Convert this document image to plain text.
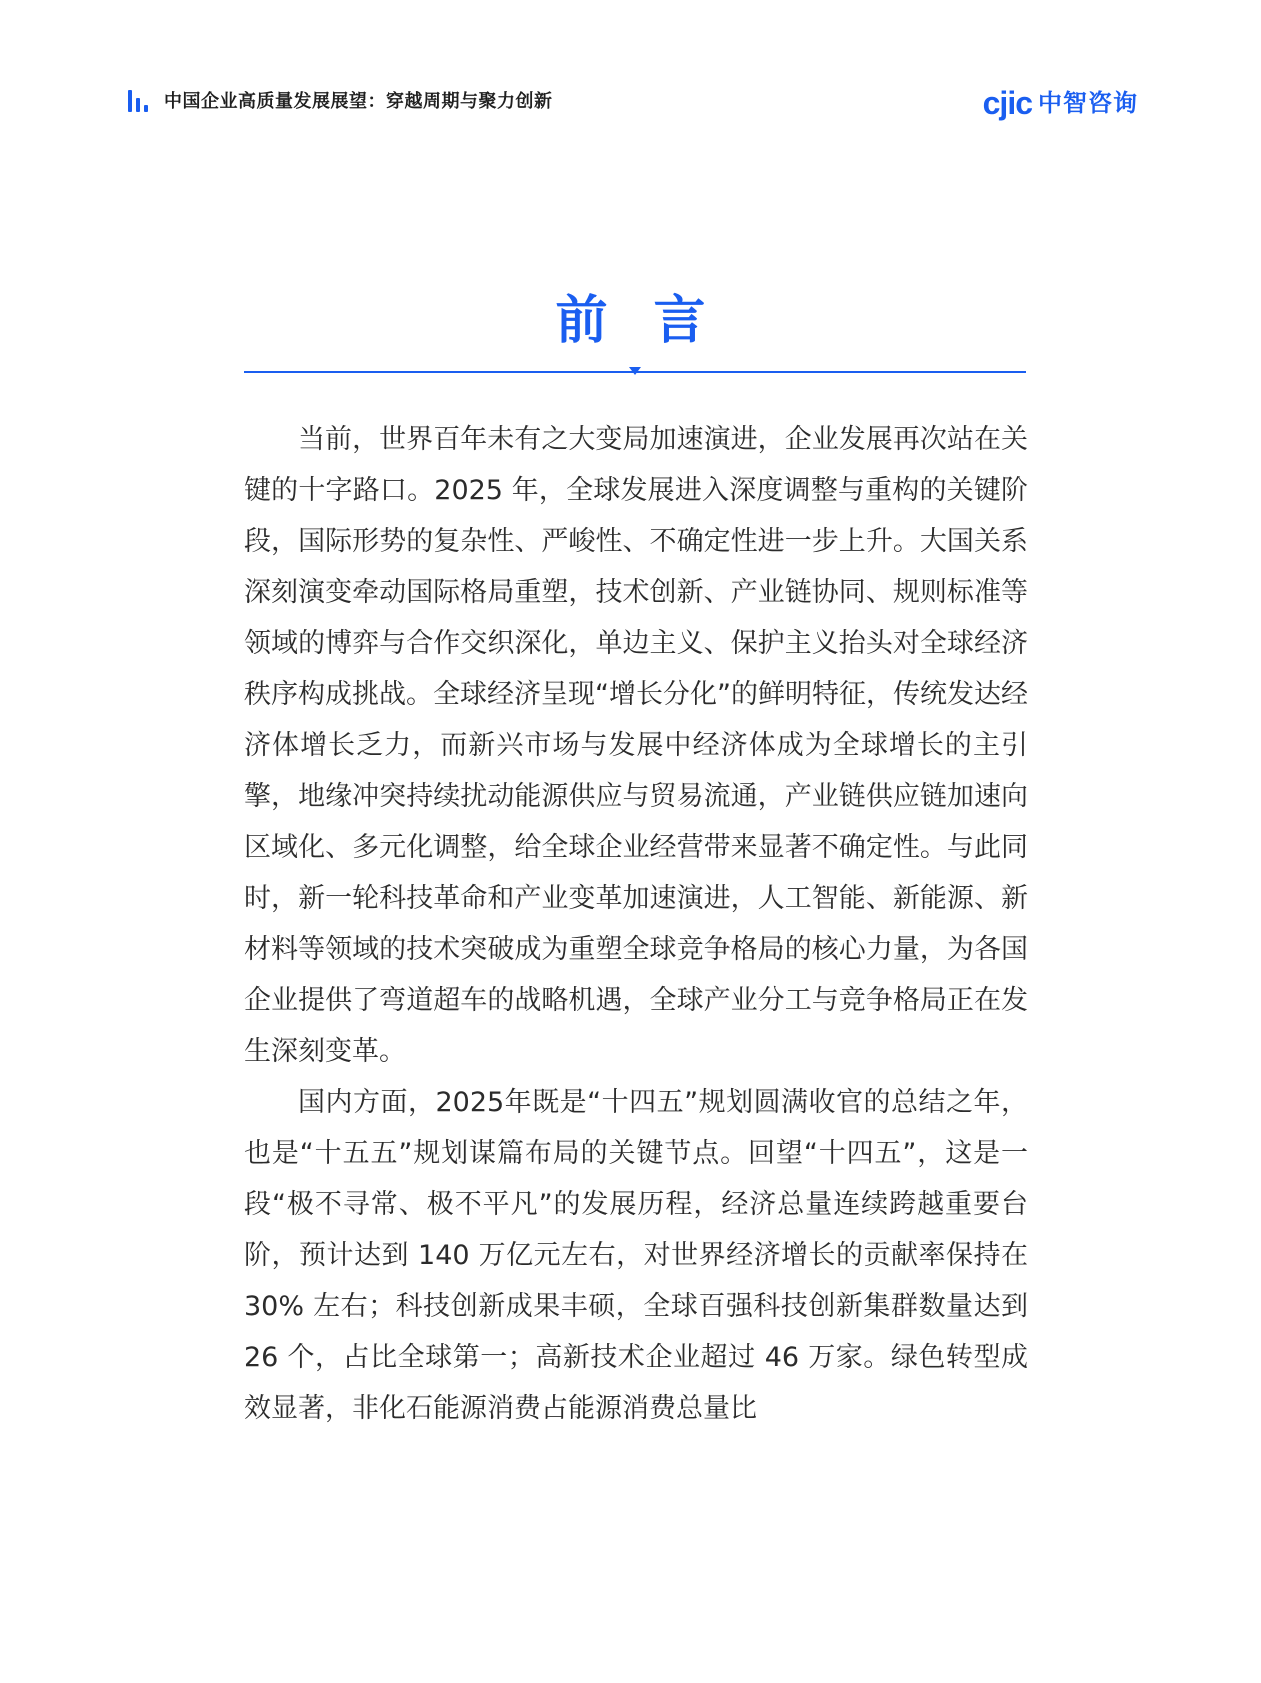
中国企业高质量发展展望：穿越周期与聚力创新	cjic 中智咨询
前言

当前，世界百年未有之大变局加速演进，企业发展再次站在关键的十字路口。2025 年，全球发展进入深度调整与重构的关键阶段，国际形势的复杂性、严峻性、不确定性进一步上升。大国关系深刻演变牵动国际格局重塑，技术创新、产业链协同、规则标准等领域的博弈与合作交织深化，单边主义、保护主义抬头对全球经济秩序构成挑战。全球经济呈现“增长分化”的鲜明特征，传统发达经济体增长乏力，而新兴市场与发展中经济体成为全球增长的主引擎，地缘冲突持续扰动能源供应与贸易流通，产业链供应链加速向区域化、多元化调整，给全球企业经营带来显著不确定性。与此同时，新一轮科技革命和产业变革加速演进，人工智能、新能源、新材料等领域的技术突破成为重塑全球竞争格局的核心力量，为各国企业提供了弯道超车的战略机遇，全球产业分工与竞争格局正在发生深刻变革。

国内方面，2025年既是“十四五”规划圆满收官的总结之年，也是“十五五”规划谋篇布局的关键节点。回望“十四五”，这是一段“极不寻常、极不平凡”的发展历程，经济总量连续跨越重要台阶，预计达到 140 万亿元左右，对世界经济增长的贡献率保持在 30% 左右；科技创新成果丰硕，全球百强科技创新集群数量达到 26 个，占比全球第一；高新技术企业超过 46 万家。绿色转型成效显著，非化石能源消费占能源消费总量比
